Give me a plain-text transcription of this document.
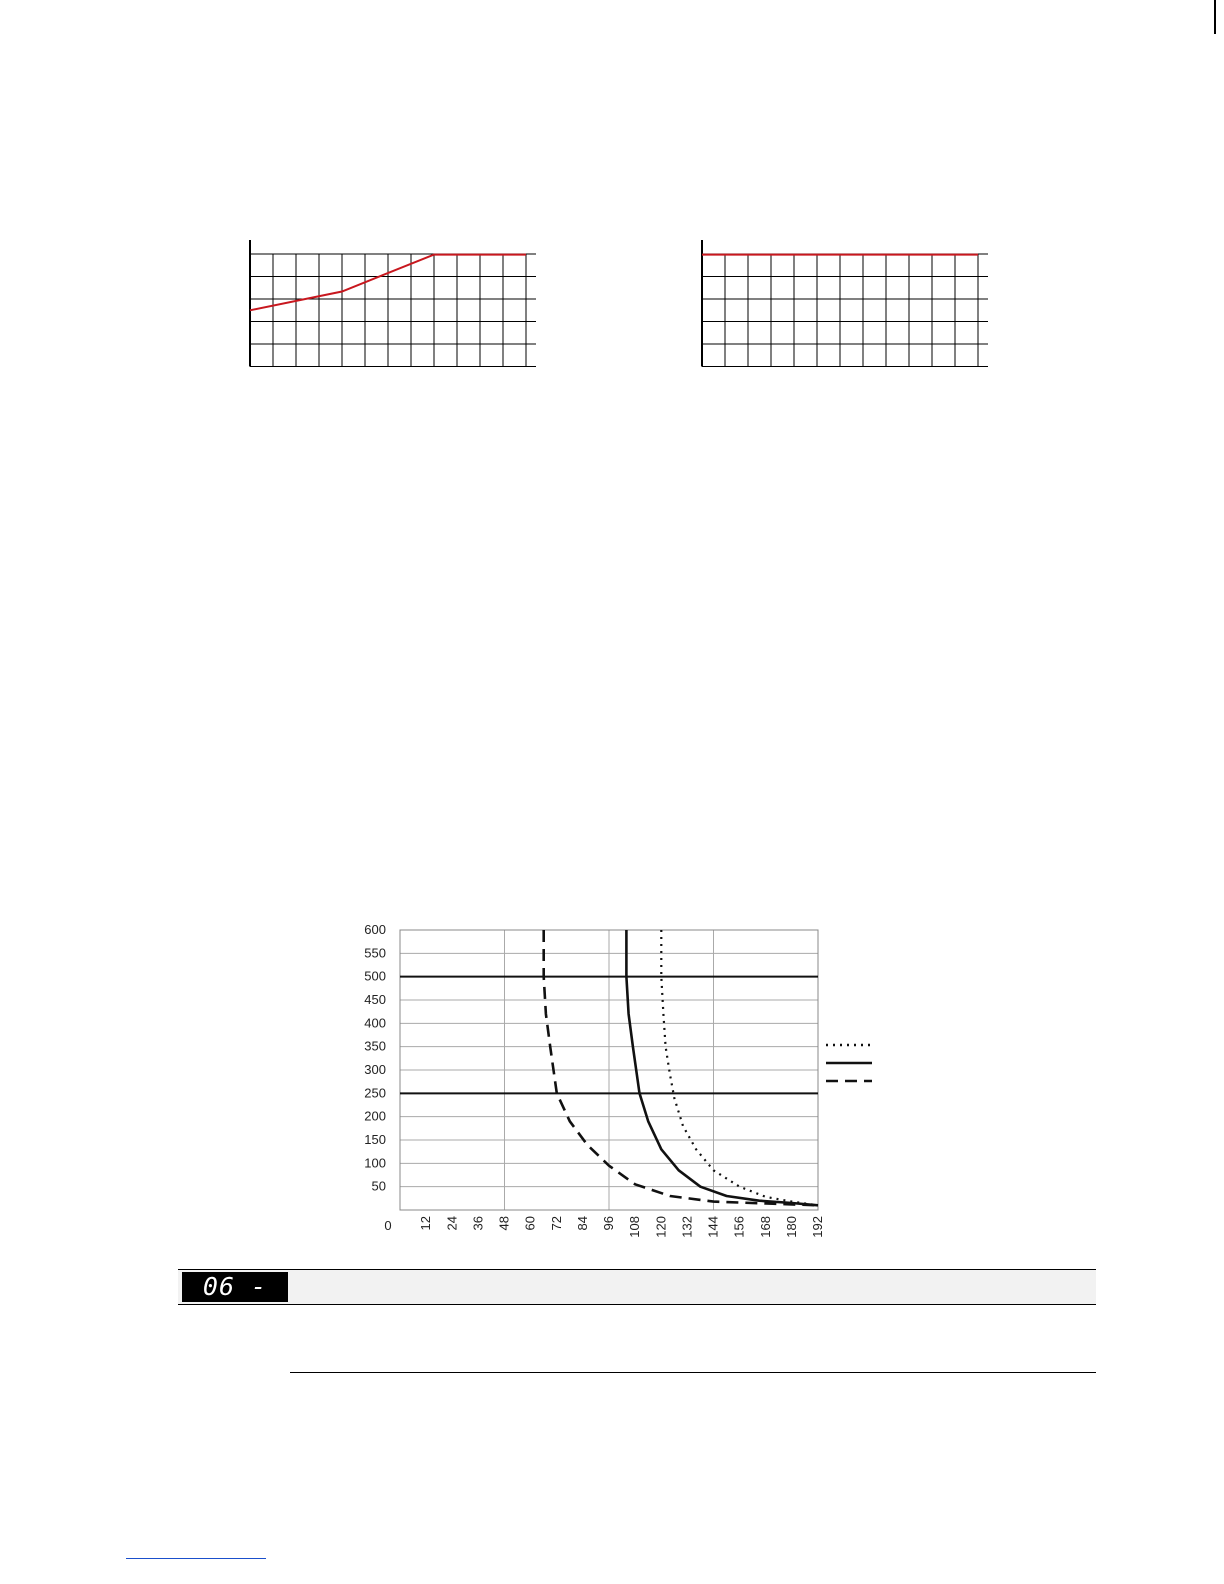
600
550
500
450
400
350
300
250
200
150
100
50
0 12 24 36 48 60 72 84 96 108 120 132 144 156 168 180 192
06 - 15
